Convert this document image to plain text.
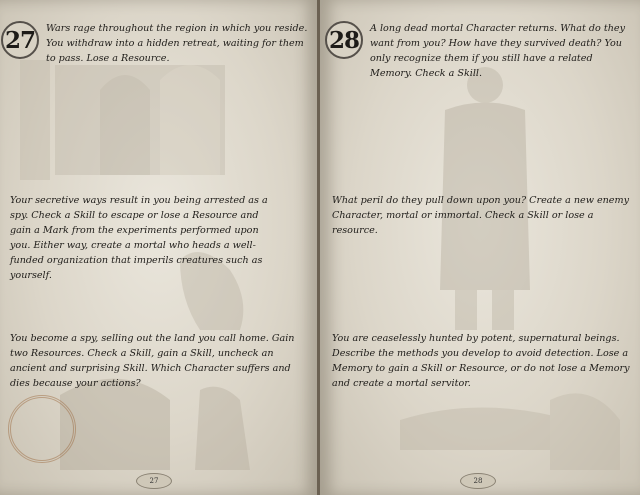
27	Wars rage throughout the region in which you reside. You withdraw into a hidden retreat, waiting for them to pass. Lose a Resource.
Your secretive ways result in you being arrested as a spy. Check a Skill to escape or lose a Resource and gain a Mark from the experiments performed upon you. Either way, create a mortal who heads a well-funded organization that imperils creatures such as yourself.
You become a spy, selling out the land you call home. Gain two Resources. Check a Skill, gain a Skill, uncheck an ancient and surprising Skill. Which Character suffers and dies because your actions?
27
28	A long dead mortal Character returns. What do they want from you? How have they survived death? You only recognize them if you still have a related Memory. Check a Skill.
What peril do they pull down upon you? Create a new enemy Character, mortal or immortal. Check a Skill or lose a resource.
You are ceaselessly hunted by potent, supernatural beings. Describe the methods you develop to avoid detection. Lose a Memory to gain a Skill or Resource, or do not lose a Memory and create a mortal servitor.
28
